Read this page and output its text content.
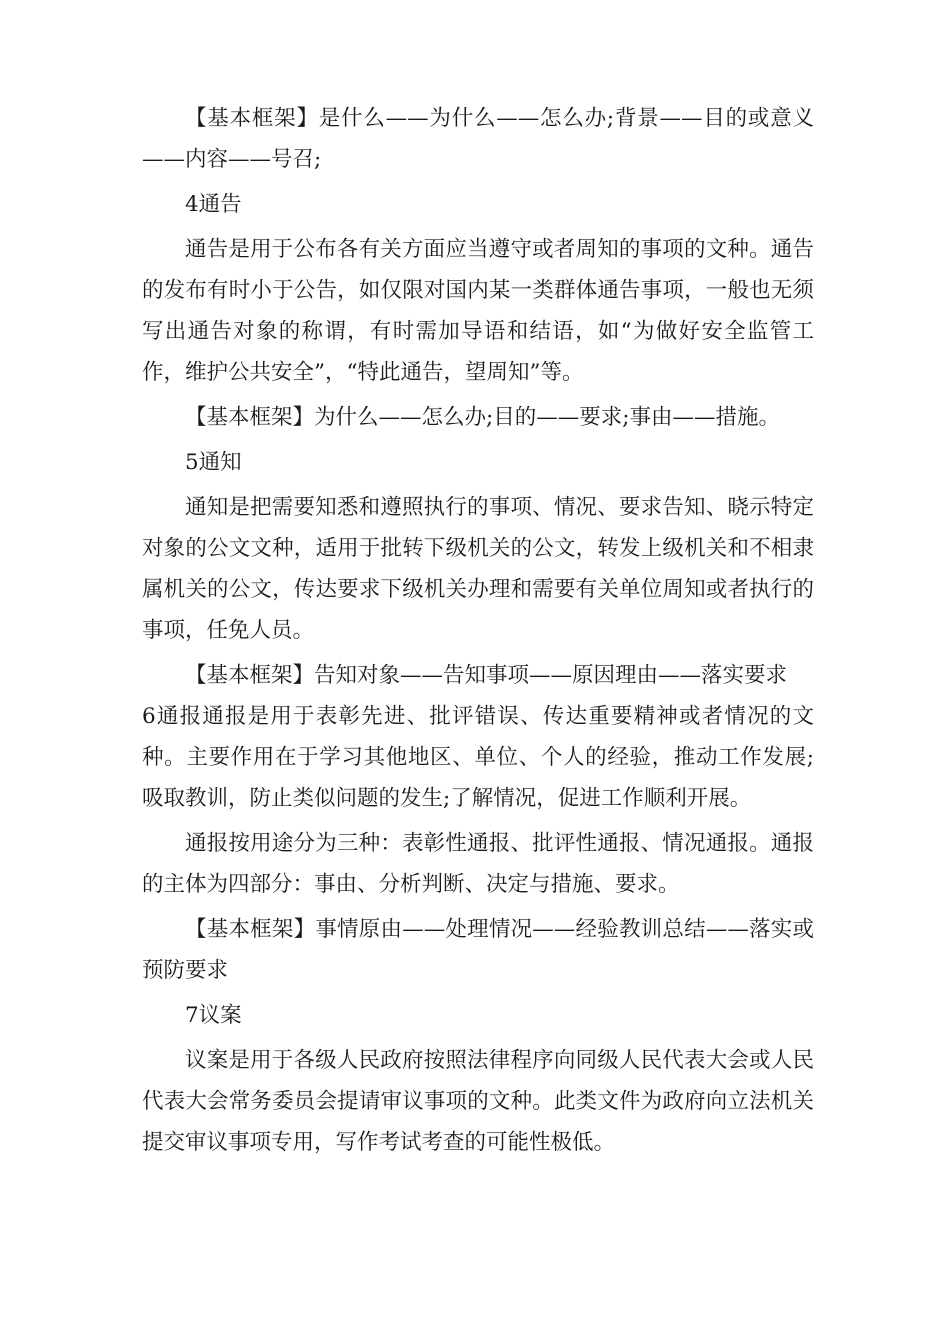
【基本框架】是什么——为什么——怎么办;背景——目的或意义——内容——号召;

4通告

通告是用于公布各有关方面应当遵守或者周知的事项的文种。通告的发布有时小于公告，如仅限对国内某一类群体通告事项，一般也无须写出通告对象的称谓，有时需加导语和结语，如“为做好安全监管工作，维护公共安全”，“特此通告，望周知”等。

【基本框架】为什么——怎么办;目的——要求;事由——措施。

5通知

通知是把需要知悉和遵照执行的事项、情况、要求告知、晓示特定对象的公文文种，适用于批转下级机关的公文，转发上级机关和不相隶属机关的公文，传达要求下级机关办理和需要有关单位周知或者执行的事项，任免人员。

【基本框架】告知对象——告知事项——原因理由——落实要求

6通报通报是用于表彰先进、批评错误、传达重要精神或者情况的文种。主要作用在于学习其他地区、单位、个人的经验，推动工作发展;吸取教训，防止类似问题的发生;了解情况，促进工作顺利开展。

通报按用途分为三种：表彰性通报、批评性通报、情况通报。通报的主体为四部分：事由、分析判断、决定与措施、要求。

【基本框架】事情原由——处理情况——经验教训总结——落实或预防要求

7议案

议案是用于各级人民政府按照法律程序向同级人民代表大会或人民代表大会常务委员会提请审议事项的文种。此类文件为政府向立法机关提交审议事项专用，写作考试考查的可能性极低。
